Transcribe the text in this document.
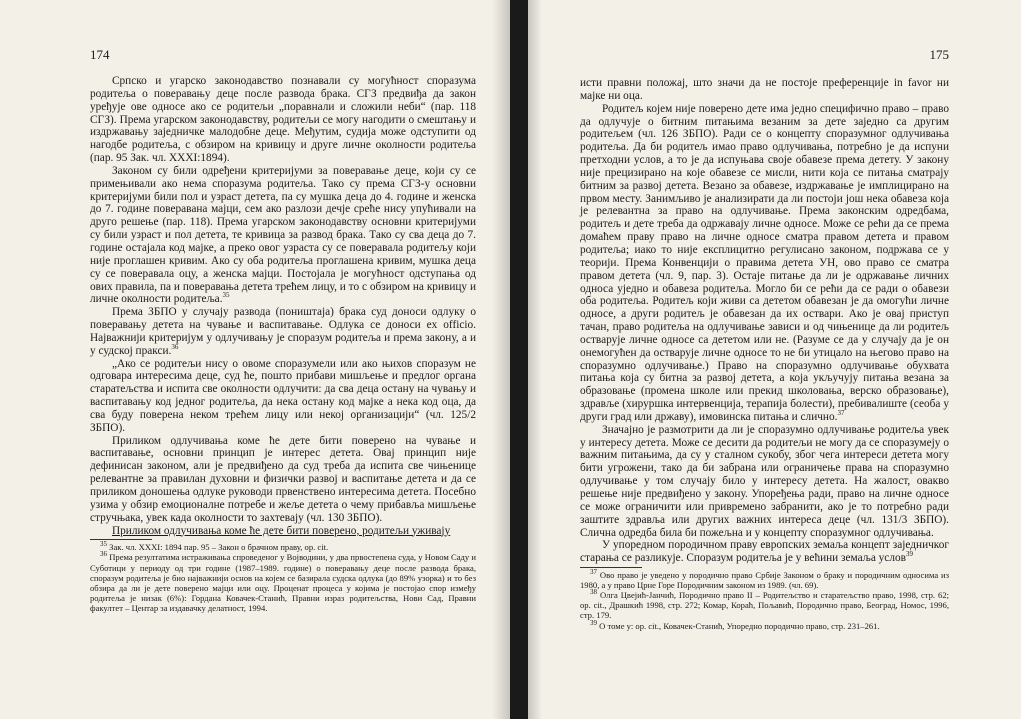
174

Српско и угарско законодавство познавали су могућност споразума родитеља о поверавању деце после развода брака. СГЗ предвиђа да закон уређује ове односе ако се родитељи „поравнали и сложили неби“ (пар. 118 СГЗ). Према угарском законодавству, родитељи се могу нагодити о смештању и издржавању заједничке малодобне деце. Међутим, судија може одступити од нагодбе родитеља, с обзиром на кривицу и друге личне околности родитеља (пар. 95 Зак. чл. XXXI:1894).

Законом су били одређени критеријуми за поверавање деце, који су се примењивали ако нема споразума родитеља. Тако су према СГЗ-у основни критеријуми били пол и узраст детета, па су мушка деца до 4. године и женска до 7. године поверавана мајци, сем ако разлози дечје среће нису упућивали на друго решење (пар. 118). Према угарском законодавству основни критеријуми су били узраст и пол детета, те кривица за развод брака. Тако су сва деца до 7. године остајала код мајке, а преко овог узраста су се поверавала родитељу који није проглашен кривим. Ако су оба родитеља проглашена кривим, мушка деца су се поверавала оцу, а женска мајци. Постојала је могућност одступања од ових правила, па и поверавања детета трећем лицу, и то с обзиром на кривицу и личне околности родитеља.$^{35}$

Према ЗБПО у случају развода (поништаја) брака суд доноси одлуку о поверавању детета на чување и васпитавање. Одлука се доноси ex officio. Најважнији критеријум у одлучивању је споразум родитеља и према закону, а и у судској пракси.$^{36}$

„Ако се родитељи нису о овоме споразумели или ако њихов споразум не одговара интересима деце, суд ће, пошто прибави мишљење и предлог органа старатељства и испита све околности одлучити: да сва деца остану на чувању и васпитавању код једног родитеља, да нека остану код мајке а нека код оца, да сва буду поверена неком трећем лицу или некој организацији“ (чл. 125/2 ЗБПО).

Приликом одлучивања коме ће дете бити поверено на чување и васпитавање, основни принцип је интерес детета. Овај принцип није дефинисан законом, али је предвиђено да суд треба да испита све чињенице релевантне за правилан духовни и физички развој и васпитање детета и да се приликом доношења одлуке руководи првенствено интересима детета. Посебно узима у обзир емоционалне потребе и жеље детета о чему прибавља мишљење стручњака, увек када околности то захтевају (чл. 130 ЗБПО).

Приликом одлучивања коме ће дете бити поверено, родитељи уживају

$^{35}$ Зак. чл. XXXI: 1894 пар. 95 – Закон о брачном праву, op. cit.

$^{36}$ Према резултатима истраживања спроведеног у Војводини, у два првостепена суда, у Новом Саду и Суботици у периоду од три године (1987–1989. године) о поверавању деце после развода брака, споразум родитеља је био најважнији основ на којем се базирала судска одлука (до 89% узорка) и то без обзира да ли је дете поверено мајци или оцу. Проценат процеса у којима је постојао спор између родитеља је низак (6%): Гордана Ковачек-Станић, Правни израз родитељства, Нови Сад, Правни факултет – Центар за издавачку делатност, 1994.

175

исти правни положај, што значи да не постоје преференције in favor ни мајке ни оца.

Родитељ којем није поверено дете има једно специфично право – право да одлучује о битним питањима везаним за дете заједно са другим родитељем (чл. 126 ЗБПО). Ради се о концепту споразумног одлучивања родитеља. Да би родитељ имао право одлучивања, потребно је да испуни претходни услов, а то је да испуњава своје обавезе према детету. У закону није прецизирано на које обавезе се мисли, нити која се питања сматрају битним за развој детета. Везано за обавезе, издржавање је имплицирано на првом месту. Занимљиво је анализирати да ли постоји још нека обавеза која је релевантна за право на одлучивање. Према законским одредбама, родитељ и дете треба да одржавају личне односе. Може се рећи да се према домаћем праву право на личне односе сматра правом детета и правом родитеља; иако то није експлицитно регулисано законом, подржава се у теорији. Према Конвенцији о правима детета УН, ово право се сматра правом детета (чл. 9, пар. 3). Остаје питање да ли је одржавање личних односа уједно и обавеза родитеља. Могло би се рећи да се ради о обавези оба родитеља. Родитељ који живи са дететом обавезан је да омогући личне односе, а други родитељ је обавезан да их оствари. Ако је овај приступ тачан, право родитеља на одлучивање зависи и од чињенице да ли родитељ остварује личне односе са дететом или не. (Разуме се да у случају да је он онемогућен да остварује личне односе то не би утицало на његово право на споразумно одлучивање.) Право на споразумно одлучивање обухвата питања која су битна за развој детета, а која укључују питања везана за образовање (промена школе или прекид школовања, верско образовање), здравље (хируршка интервенција, терапија болести), пребивалиште (сеоба у други град или државу), имовинска питања и слично.$^{37}$

Значајно је размотрити да ли је споразумно одлучивање родитеља увек у интересу детета. Може се десити да родитељи не могу да се споразумеју о важним питањима, да су у сталном сукобу, због чега интереси детета могу бити угрожени, тако да би забрана или ограничење права на споразумно одлучивање у том случају било у интересу детета. На жалост, овакво решење није предвиђено у закону. Упоређења ради, право на личне односе се може ограничити или привремено забранити, ако је то потребно ради заштите здравља или других важних интереса деце (чл. 131/3 ЗБПО). Слична одредба била би пожељна и у концепту споразумног одлучивања.

У упоредном породичном праву европских земаља концепт заједничког старања се разликује. Споразум родитеља је у већини земаља услов$^{39}$

$^{37}$ Ово право је уведено у породично право Србије Законом о браку и породичним односима из 1980, а у право Црне Горе Породичним законом из 1989. (чл. 69).

$^{38}$ Олга Цвејић-Јанчић, Породично право II – Родитељство и старатељство право, 1998, стр. 62; op. cit., Драшкић 1998, стр. 272; Комар, Кораћ, Пољавић, Породично право, Београд, Номос, 1996, стр. 179.

$^{39}$ О томе у: op. cit., Ковачек-Станић, Упоредно породично право, стр. 231–261.
